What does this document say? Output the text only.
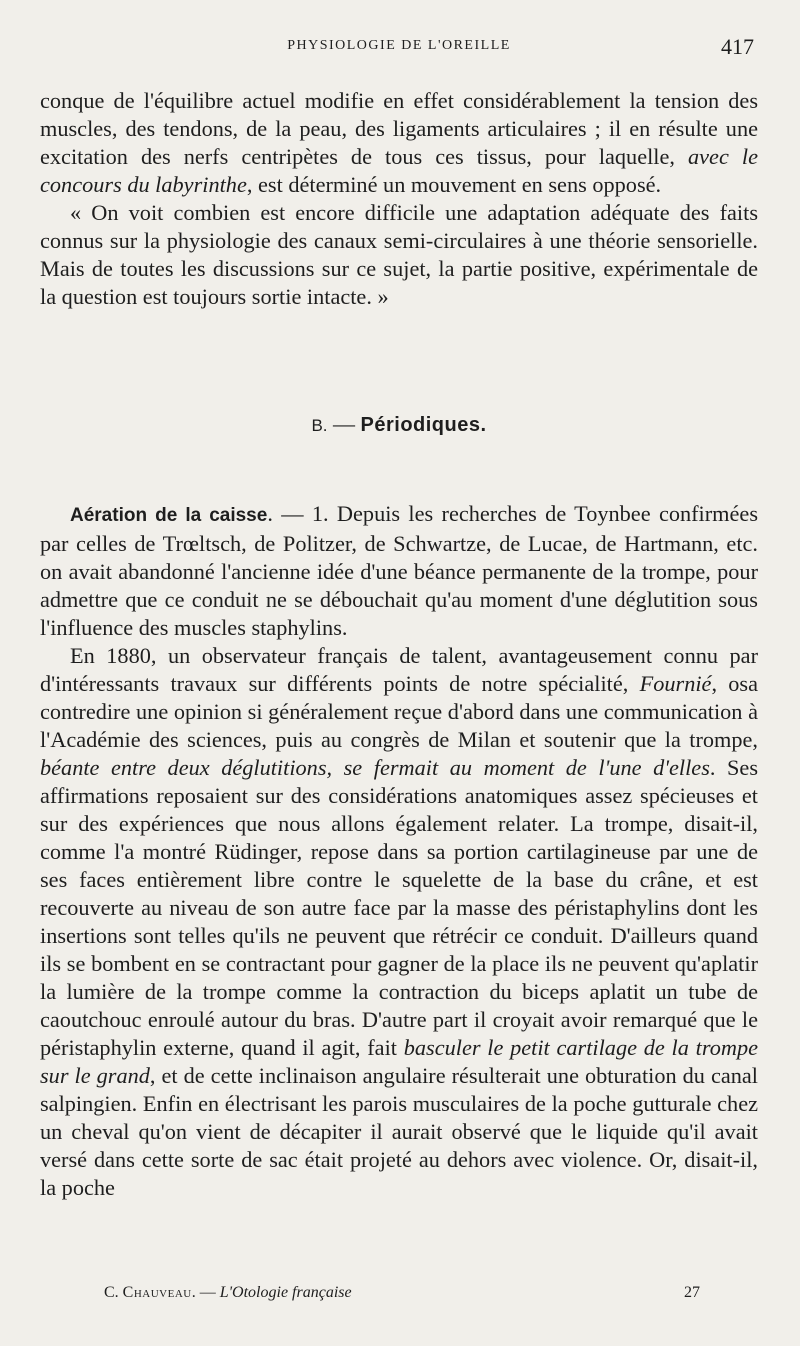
PHYSIOLOGIE DE L'OREILLE	417

conque de l'équilibre actuel modifie en effet considérablement la tension des muscles, des tendons, de la peau, des ligaments articulaires ; il en résulte une excitation des nerfs centripètes de tous ces tissus, pour laquelle, avec le concours du labyrinthe, est déterminé un mouvement en sens opposé.

« On voit combien est encore difficile une adaptation adéquate des faits connus sur la physiologie des canaux semi-circulaires à une théorie sensorielle. Mais de toutes les discussions sur ce sujet, la partie positive, expérimentale de la question est toujours sortie intacte. »

B. — Périodiques.

Aération de la caisse. — 1. Depuis les recherches de Toynbee confirmées par celles de Trœltsch, de Politzer, de Schwartze, de Lucae, de Hartmann, etc. on avait abandonné l'ancienne idée d'une béance permanente de la trompe, pour admettre que ce conduit ne se débouchait qu'au moment d'une déglutition sous l'influence des muscles staphylins.

En 1880, un observateur français de talent, avantageusement connu par d'intéressants travaux sur différents points de notre spécialité, Fournié, osa contredire une opinion si généralement reçue d'abord dans une communication à l'Académie des sciences, puis au congrès de Milan et soutenir que la trompe, béante entre deux déglutitions, se fermait au moment de l'une d'elles. Ses affirmations reposaient sur des considérations anatomiques assez spécieuses et sur des expériences que nous allons également relater. La trompe, disait-il, comme l'a montré Rüdinger, repose dans sa portion cartilagineuse par une de ses faces entièrement libre contre le squelette de la base du crâne, et est recouverte au niveau de son autre face par la masse des péristaphylins dont les insertions sont telles qu'ils ne peuvent que rétrécir ce conduit. D'ailleurs quand ils se bombent en se contractant pour gagner de la place ils ne peuvent qu'aplatir la lumière de la trompe comme la contraction du biceps aplatit un tube de caoutchouc enroulé autour du bras. D'autre part il croyait avoir remarqué que le péristaphylin externe, quand il agit, fait basculer le petit cartilage de la trompe sur le grand, et de cette inclinaison angulaire résulterait une obturation du canal salpingien. Enfin en électrisant les parois musculaires de la poche gutturale chez un cheval qu'on vient de décapiter il aurait observé que le liquide qu'il avait versé dans cette sorte de sac était projeté au dehors avec violence. Or, disait-il, la poche

C. Chauveau. — L'Otologie française	27
